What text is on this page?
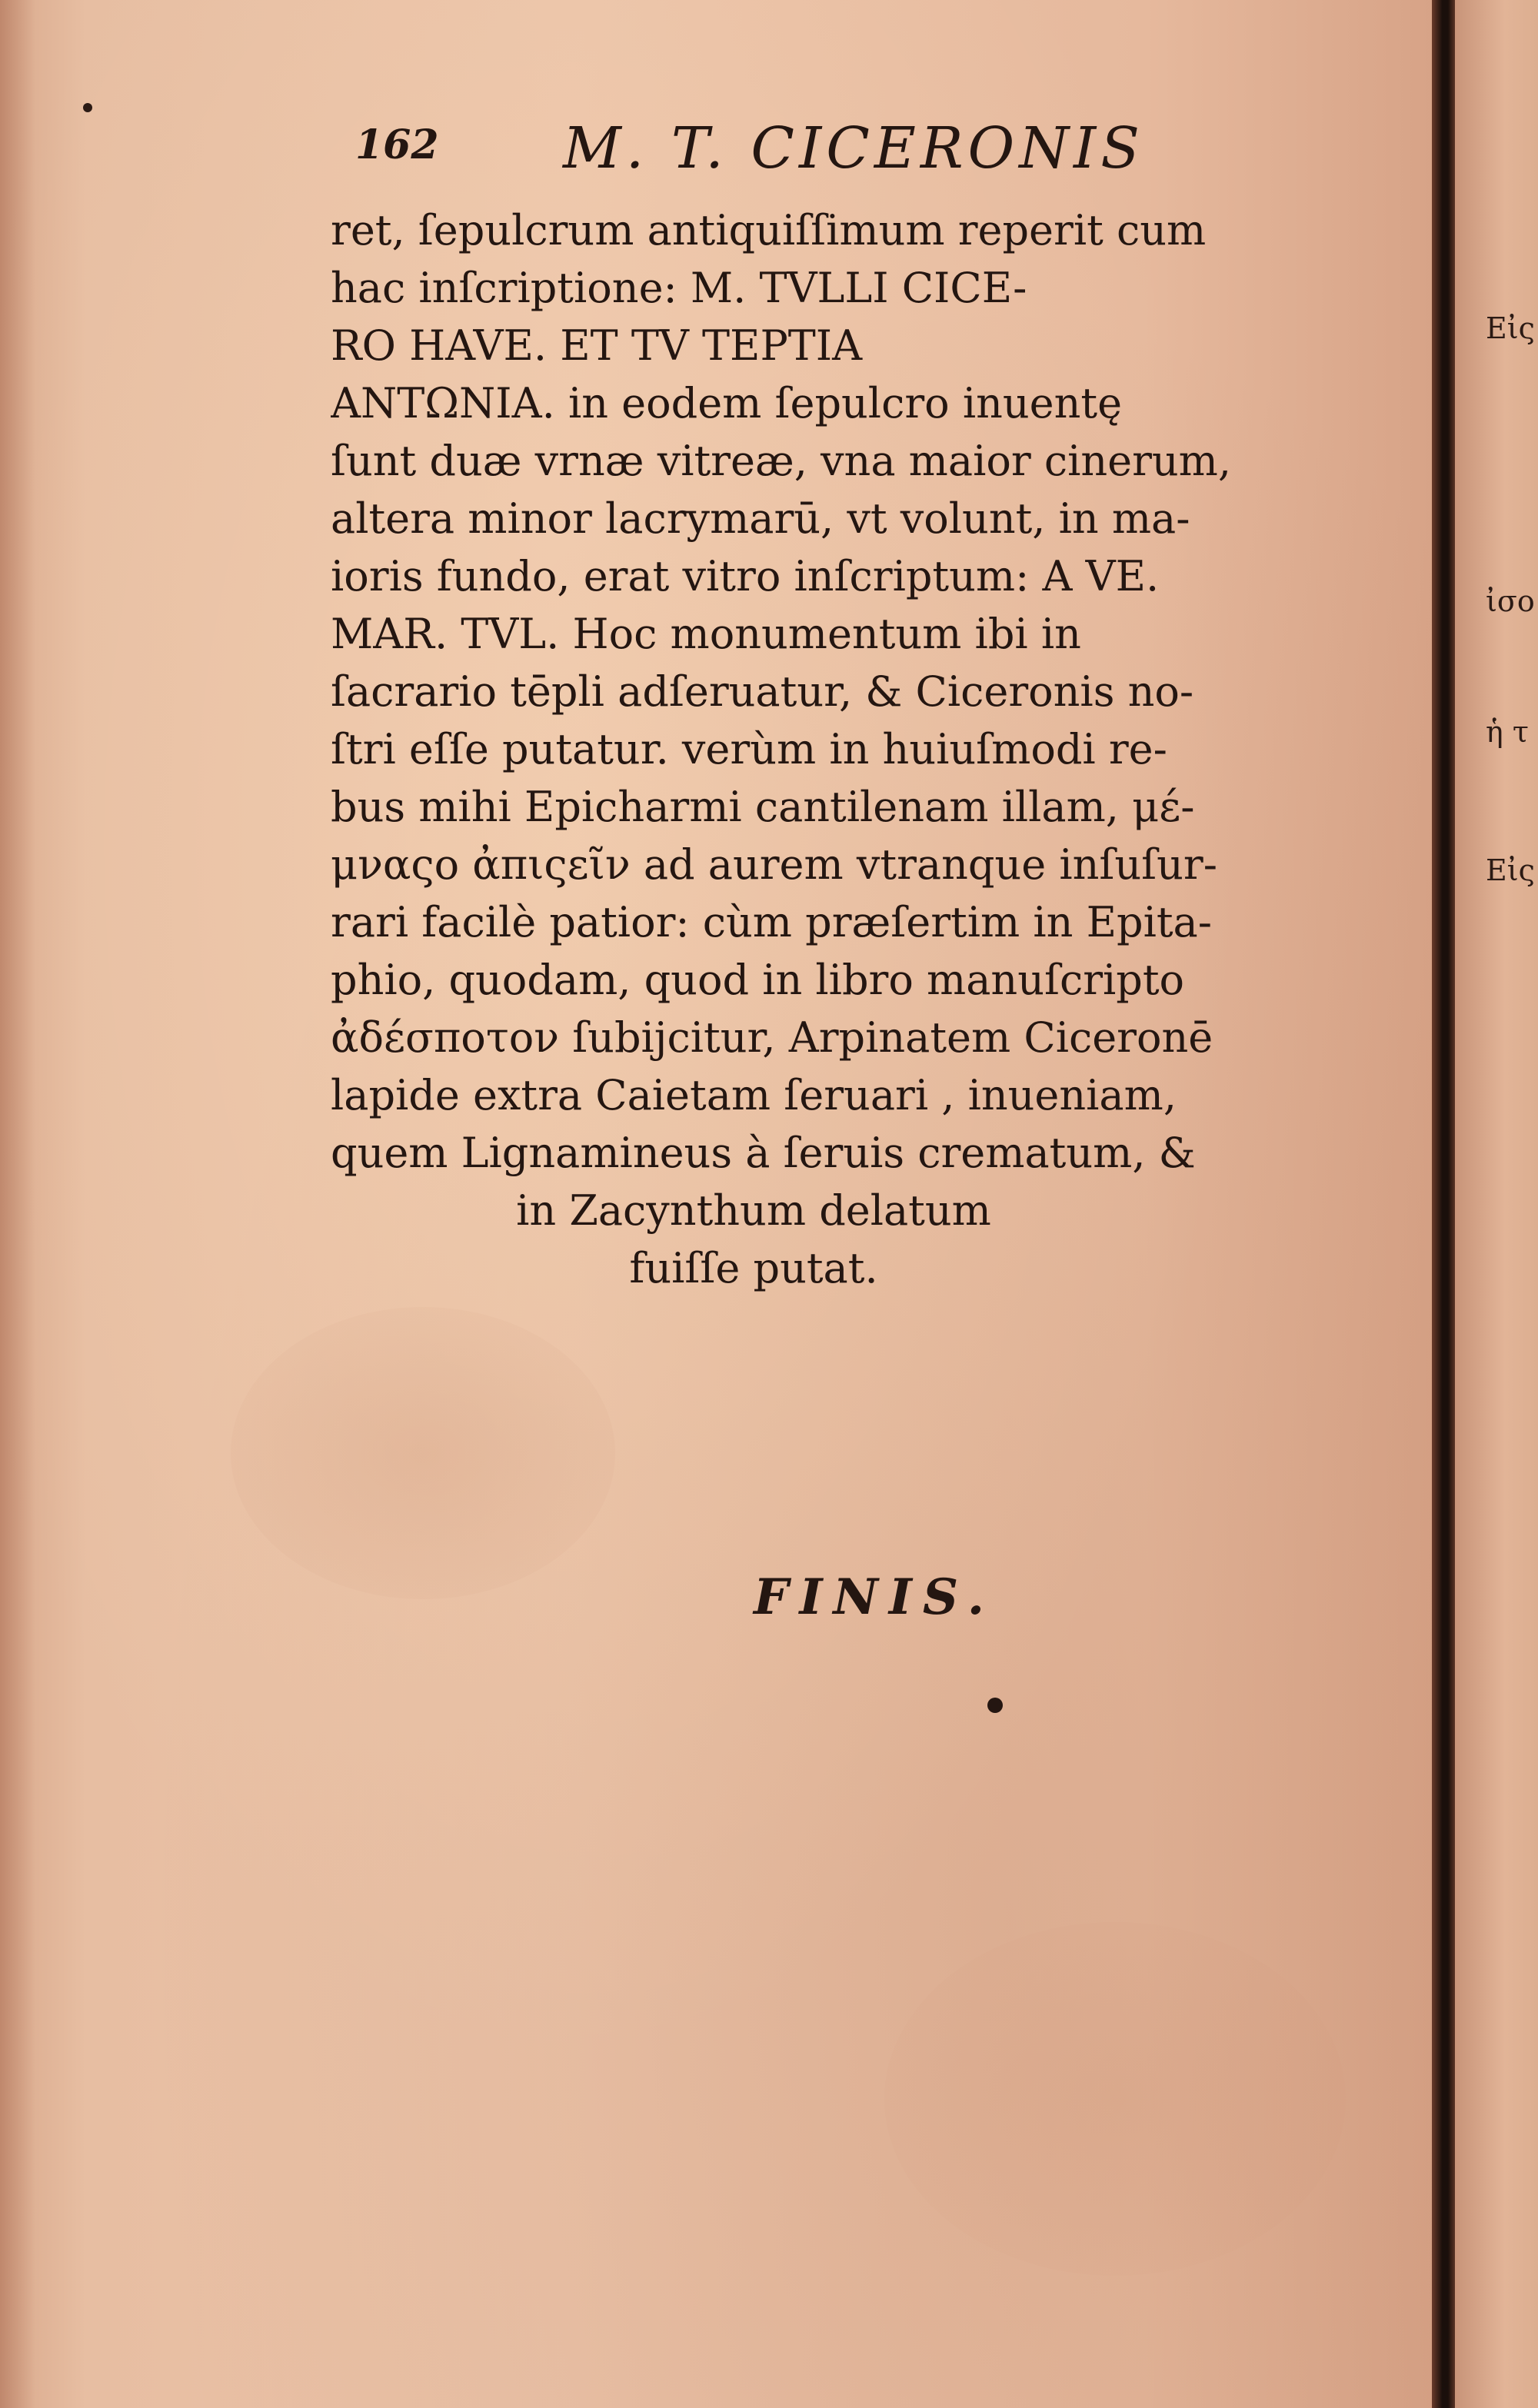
162 M. T. CICERONIS
ret, ſepulcrum antiquiſſimum reperit cum
hac inſcriptione: M. TVLLI CICE-
RO HAVE. ET TV TEPTIA
ANTΩNIA. in eodem ſepulcro inuentę
ſunt duæ vrnæ vitreæ, vna maior cinerum,
altera minor lacrymarū, vt volunt, in ma-
ioris fundo, erat vitro inſcriptum: A VE.
MAR. TVL. Hoc monumentum ibi in
ſacrario tēpli adſeruatur, & Ciceronis no-
ſtri eſſe putatur. verùm in huiuſmodi re-
bus mihi Epicharmi cantilenam illam, μέ-
μναςο ἀπιςεῖν ad aurem vtranque inſuſur-
rari facilè patior: cùm præſertim in Epita-
phio, quodam, quod in libro manuſcripto
ἀδέσποτον ſubijcitur, Arpinatem Ciceronē
lapide extra Caietam ſeruari , inueniam,
quem Lignamineus à ſeruis crematum, &
in Zacynthum delatum
fuiſſe putat.
FINIS.
Εἰς
ἰσο
ἡ τ
Εἰς
